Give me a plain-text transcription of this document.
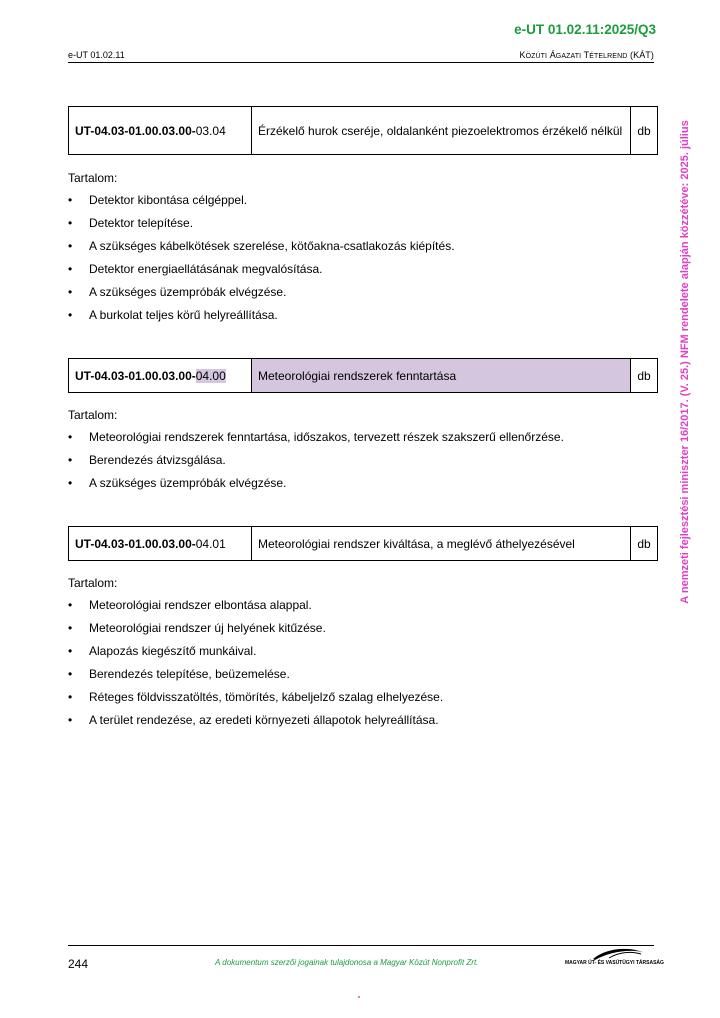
e-UT 01.02.11:2025/Q3
e-UT 01.02.11	KÖZÚTI ÁGAZATI TÉTELREND (KÁT)
A nemzeti fejlesztési miniszter 16/2017. (V. 25.) NFM rendelete alapján közzétéve: 2025. július
UT-04.03-01.00.03.00-03.04	Érzékelő hurok cseréje, oldalanként piezoelektromos érzékelő nélkül	db
Tartalom:
• Detektor kibontása célgéppel.
• Detektor telepítése.
• A szükséges kábelkötések szerelése, kötőakna-csatlakozás kiépítés.
• Detektor energiaellátásának megvalósítása.
• A szükséges üzempróbák elvégzése.
• A burkolat teljes körű helyreállítása.
UT-04.03-01.00.03.00-04.00	Meteorológiai rendszerek fenntartása	db
Tartalom:
• Meteorológiai rendszerek fenntartása, időszakos, tervezett részek szakszerű ellenőrzése.
• Berendezés átvizsgálása.
• A szükséges üzempróbák elvégzése.
UT-04.03-01.00.03.00-04.01	Meteorológiai rendszer kiváltása, a meglévő áthelyezésével	db
Tartalom:
• Meteorológiai rendszer elbontása alappal.
• Meteorológiai rendszer új helyének kitűzése.
• Alapozás kiegészítő munkáival.
• Berendezés telepítése, beüzemelése.
• Réteges földvisszatöltés, tömörítés, kábeljelző szalag elhelyezése.
• A terület rendezése, az eredeti környezeti állapotok helyreállítása.
244	A dokumentum szerzői jogainak tulajdonosa a Magyar Közút Nonprofit Zrt.	MAGYAR ÚT- ÉS VASÚTÜGYI TÁRSASÁG
